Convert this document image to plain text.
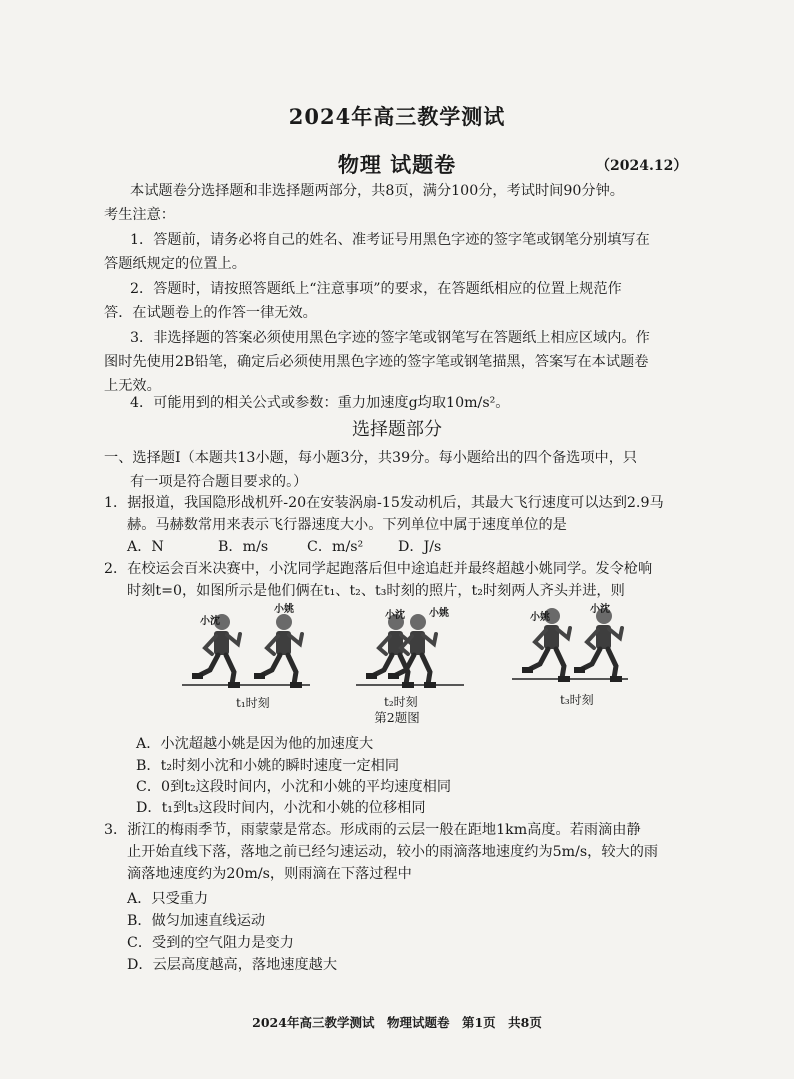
2024年高三教学测试
物理 试题卷	（2024.12）
本试题卷分选择题和非选择题两部分，共8页，满分100分，考试时间90分钟。
考生注意：
1．答题前，请务必将自己的姓名、准考证号用黑色字迹的签字笔或钢笔分别填写在
答题纸规定的位置上。
2．答题时，请按照答题纸上“注意事项”的要求，在答题纸相应的位置上规范作
答．在试题卷上的作答一律无效。
3．非选择题的答案必须使用黑色字迹的签字笔或钢笔写在答题纸上相应区域内。作
图时先使用2B铅笔，确定后必须使用黑色字迹的签字笔或钢笔描黑，答案写在本试题卷
上无效。
4．可能用到的相关公式或参数：重力加速度g均取10m/s²。
选择题部分
一、选择题Ⅰ（本题共13小题，每小题3分，共39分。每小题给出的四个备选项中，只
有一项是符合题目要求的。）
1．据报道，我国隐形战机歼-20在安装涡扇-15发动机后，其最大飞行速度可以达到2.9马
赫。马赫数常用来表示飞行器速度大小。下列单位中属于速度单位的是
A．N	B．m/s	C．m/s² D．J/s
2．在校运会百米决赛中，小沈同学起跑落后但中途追赶并最终超越小姚同学。发令枪响
时刻t=0，如图所示是他们俩在t₁、t₂、t₃时刻的照片，t₂时刻两人齐头并进，则
小沈
小姚
小沈 小姚	小姚
小沈
t₁时刻	t₂时刻	t₃时刻
第2题图
A．小沈超越小姚是因为他的加速度大
B．t₂时刻小沈和小姚的瞬时速度一定相同
C．0到t₂这段时间内，小沈和小姚的平均速度相同
D．t₁到t₃这段时间内，小沈和小姚的位移相同
3．浙江的梅雨季节，雨蒙蒙是常态。形成雨的云层一般在距地1km高度。若雨滴由静
止开始直线下落，落地之前已经匀速运动，较小的雨滴落地速度约为5m/s，较大的雨
滴落地速度约为20m/s，则雨滴在下落过程中
A．只受重力
B．做匀加速直线运动
C．受到的空气阻力是变力
D．云层高度越高，落地速度越大
2024年高三教学测试　物理试题卷　第1页　共8页
